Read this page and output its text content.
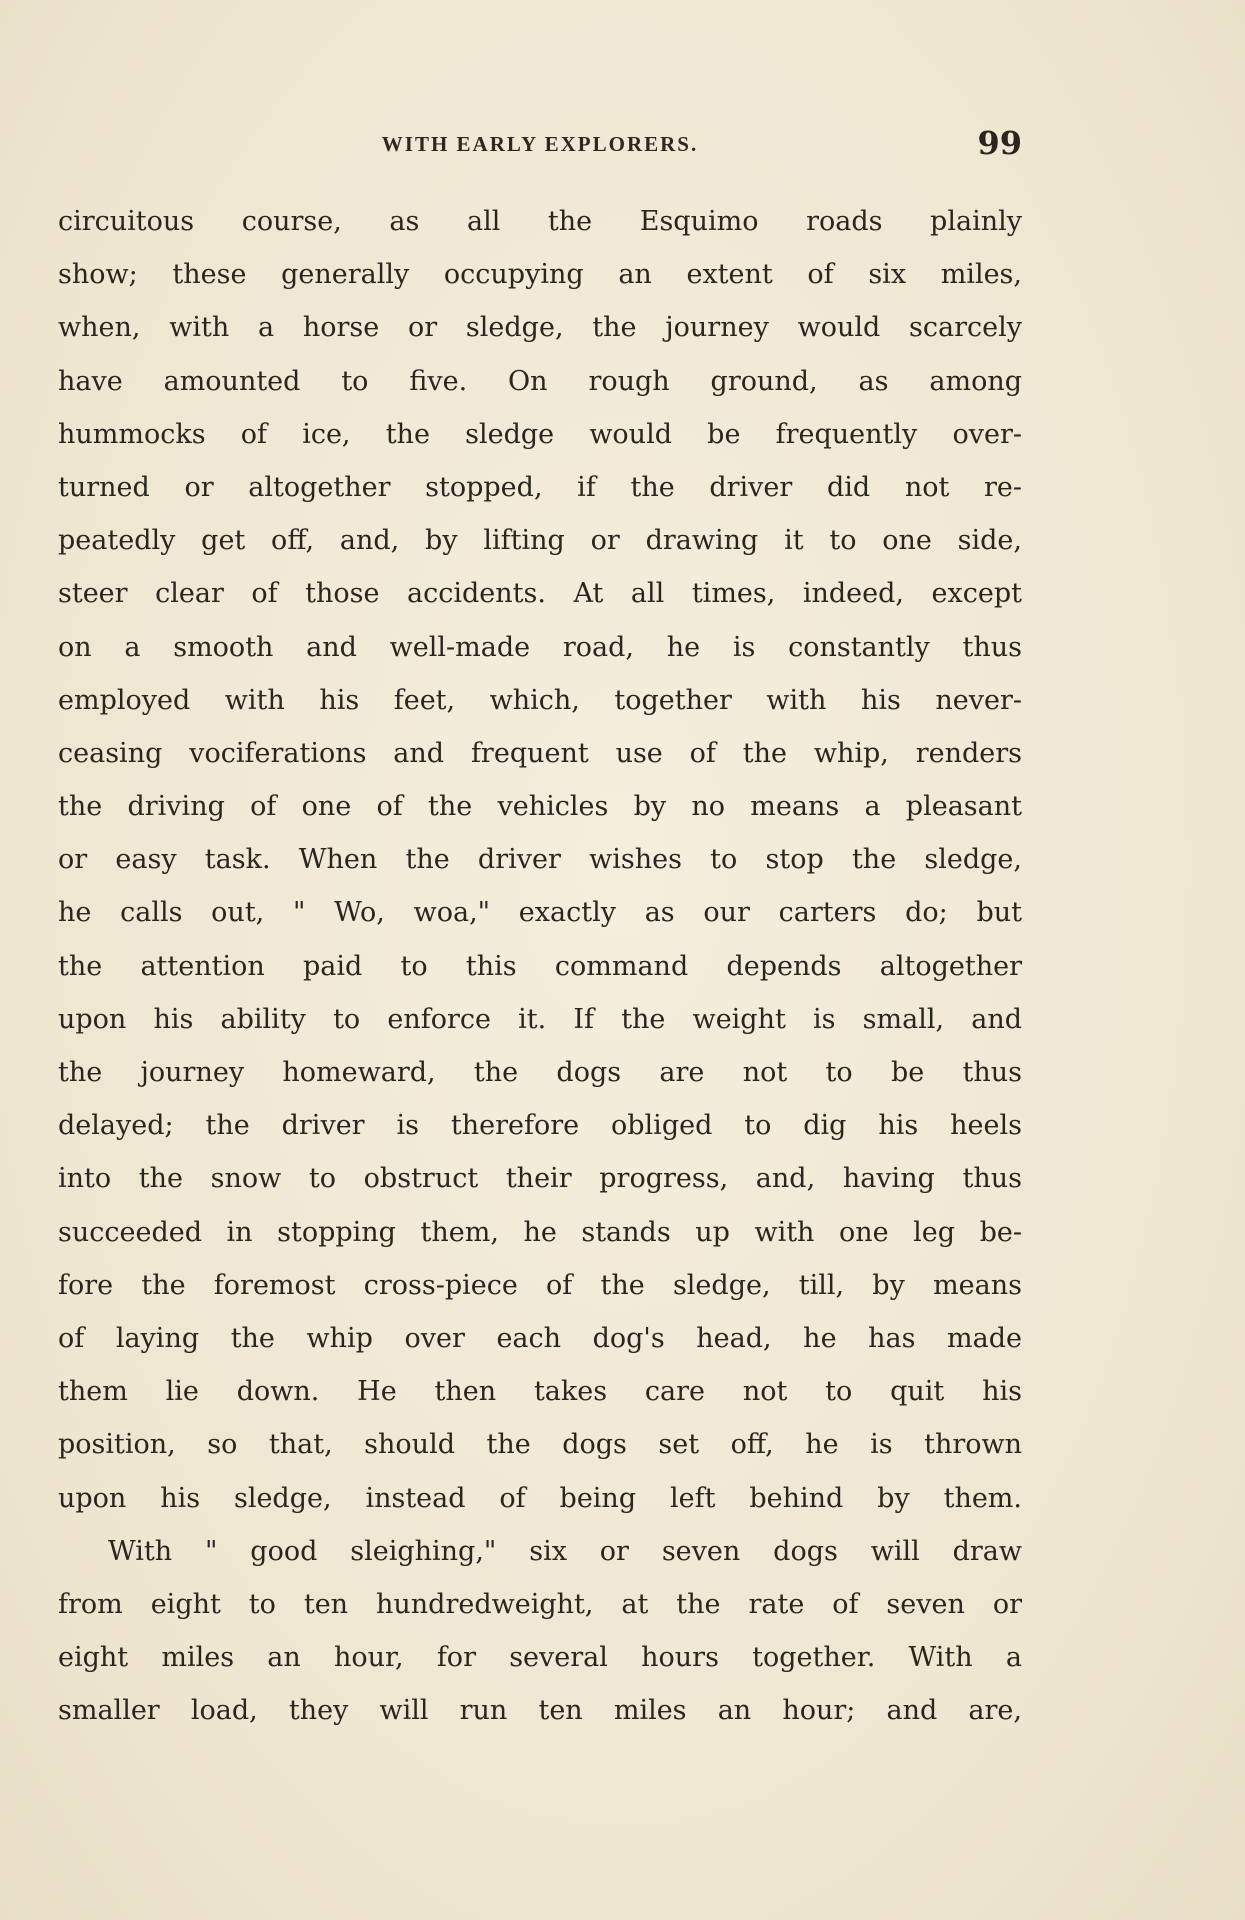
WITH EARLY EXPLORERS.	99
circuitous course, as all the Esquimo roads plainly
show; these generally occupying an extent of six miles,
when, with a horse or sledge, the journey would scarcely
have amounted to five. On rough ground, as among
hummocks of ice, the sledge would be frequently over-
turned or altogether stopped, if the driver did not re-
peatedly get off, and, by lifting or drawing it to one side,
steer clear of those accidents. At all times, indeed, except
on a smooth and well-made road, he is constantly thus
employed with his feet, which, together with his never-
ceasing vociferations and frequent use of the whip, renders
the driving of one of the vehicles by no means a pleasant
or easy task. When the driver wishes to stop the sledge,
he calls out, " Wo, woa," exactly as our carters do; but
the attention paid to this command depends altogether
upon his ability to enforce it. If the weight is small, and
the journey homeward, the dogs are not to be thus
delayed; the driver is therefore obliged to dig his heels
into the snow to obstruct their progress, and, having thus
succeeded in stopping them, he stands up with one leg be-
fore the foremost cross-piece of the sledge, till, by means
of laying the whip over each dog's head, he has made
them lie down. He then takes care not to quit his
position, so that, should the dogs set off, he is thrown
upon his sledge, instead of being left behind by them.
With " good sleighing," six or seven dogs will draw
from eight to ten hundredweight, at the rate of seven or
eight miles an hour, for several hours together. With a
smaller load, they will run ten miles an hour; and are,
